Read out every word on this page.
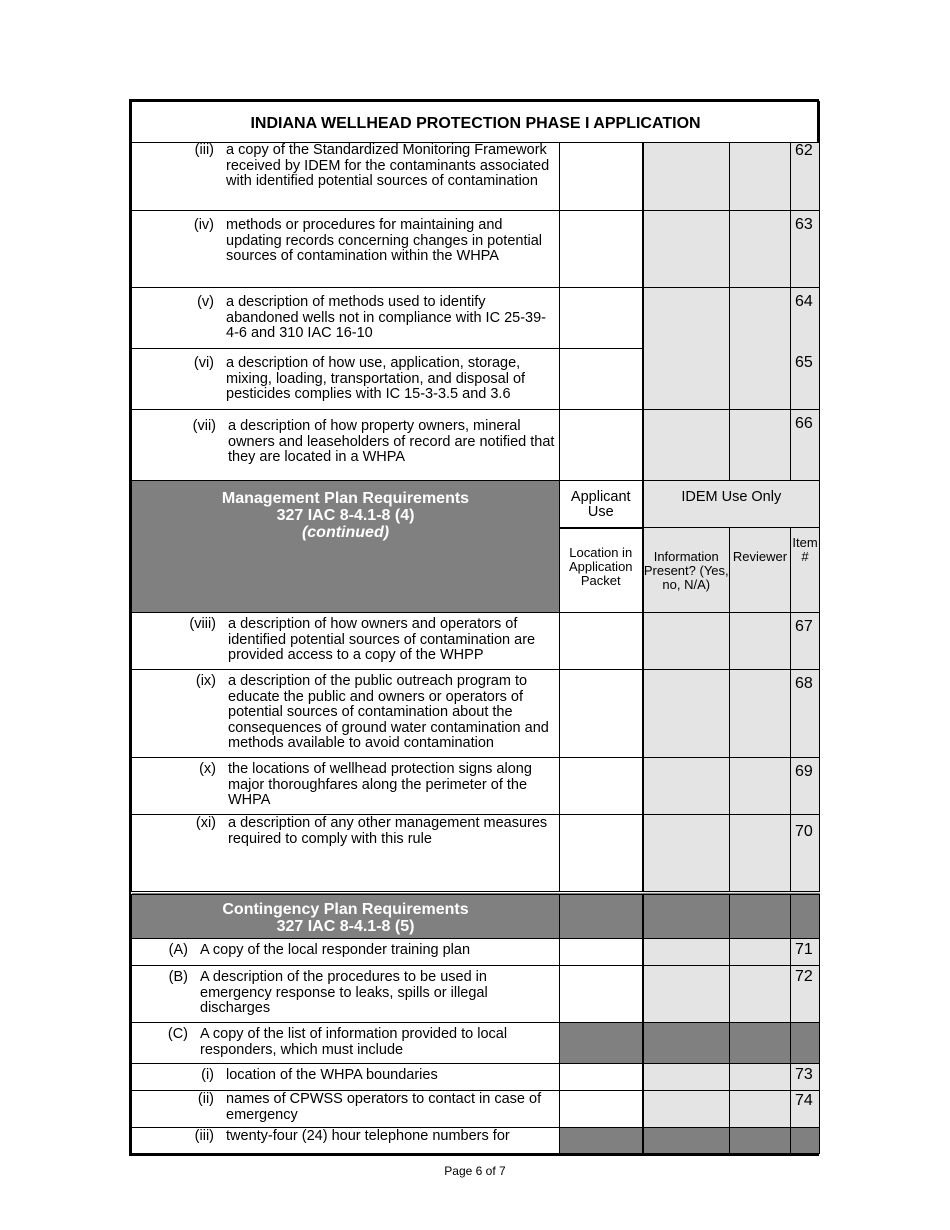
INDIANA WELLHEAD PROTECTION PHASE I APPLICATION				

(iii) a copy of the Standardized Monitoring Framework received by IDEM for the contaminants associated with identified potential sources of contamination				62

(iv) methods or procedures for maintaining and updating records concerning changes in potential sources of contamination within the WHPA				63

(v) a description of methods used to identify abandoned wells not in compliance with IC 25-39-4-6 and 310 IAC 16-10				64

(vi) a description of how use, application, storage, mixing, loading, transportation, and disposal of pesticides complies with IC 15-3-3.5 and 3.6				65

(vii) a description of how property owners, mineral owners and leaseholders of record are notified that they are located in a WHPA				66

Management Plan Requirements
327 IAC 8-4.1-8 (4)
(continued)	Applicant Use	IDEM Use Only		
	Location in Application Packet	Information Present? (Yes, no, N/A)	Reviewer	Item #

(viii) a description of how owners and operators of identified potential sources of contamination are provided access to a copy of the WHPP				67

(ix) a description of the public outreach program to educate the public and owners or operators of potential sources of contamination about the consequences of ground water contamination and methods available to avoid contamination				68

(x) the locations of wellhead protection signs along major thoroughfares along the perimeter of the WHPA				69

(xi) a description of any other management measures required to comply with this rule				70

Contingency Plan Requirements
327 IAC 8-4.1-8 (5)				

(A) A copy of the local responder training plan				71

(B) A description of the procedures to be used in emergency response to leaks, spills or illegal discharges				72

(C) A copy of the list of information provided to local responders, which must include				

(i) location of the WHPA boundaries				73

(ii) names of CPWSS operators to contact in case of emergency				74

(iii) twenty-four (24) hour telephone numbers for				

Page 6 of 7
